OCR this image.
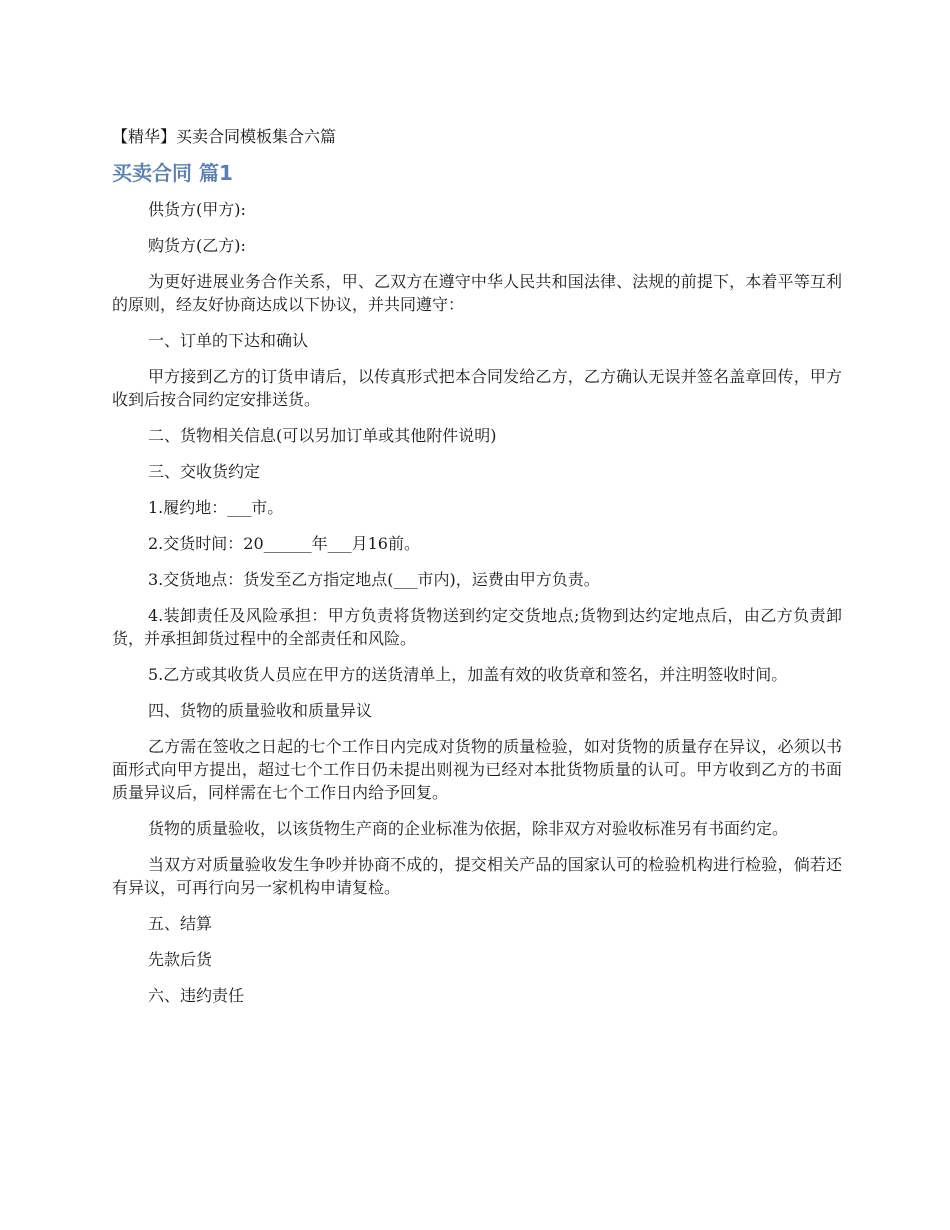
【精华】买卖合同模板集合六篇

买卖合同 篇1

供货方(甲方):

购货方(乙方):

为更好进展业务合作关系，甲、乙双方在遵守中华人民共和国法律、法规的前提下，本着平等互利的原则，经友好协商达成以下协议，并共同遵守：

一、订单的下达和确认

甲方接到乙方的订货申请后，以传真形式把本合同发给乙方，乙方确认无误并签名盖章回传，甲方收到后按合同约定安排送货。

二、货物相关信息(可以另加订单或其他附件说明)

三、交收货约定

1.履约地：___市。

2.交货时间：20______年___月16前。

3.交货地点：货发至乙方指定地点(___市内)，运费由甲方负责。

4.装卸责任及风险承担：甲方负责将货物送到约定交货地点;货物到达约定地点后，由乙方负责卸货，并承担卸货过程中的全部责任和风险。

5.乙方或其收货人员应在甲方的送货清单上，加盖有效的收货章和签名，并注明签收时间。

四、货物的质量验收和质量异议

乙方需在签收之日起的七个工作日内完成对货物的质量检验，如对货物的质量存在异议，必须以书面形式向甲方提出，超过七个工作日仍未提出则视为已经对本批货物质量的认可。甲方收到乙方的书面质量异议后，同样需在七个工作日内给予回复。

货物的质量验收，以该货物生产商的企业标准为依据，除非双方对验收标准另有书面约定。

当双方对质量验收发生争吵并协商不成的，提交相关产品的国家认可的检验机构进行检验，倘若还有异议，可再行向另一家机构申请复检。

五、结算

先款后货

六、违约责任
